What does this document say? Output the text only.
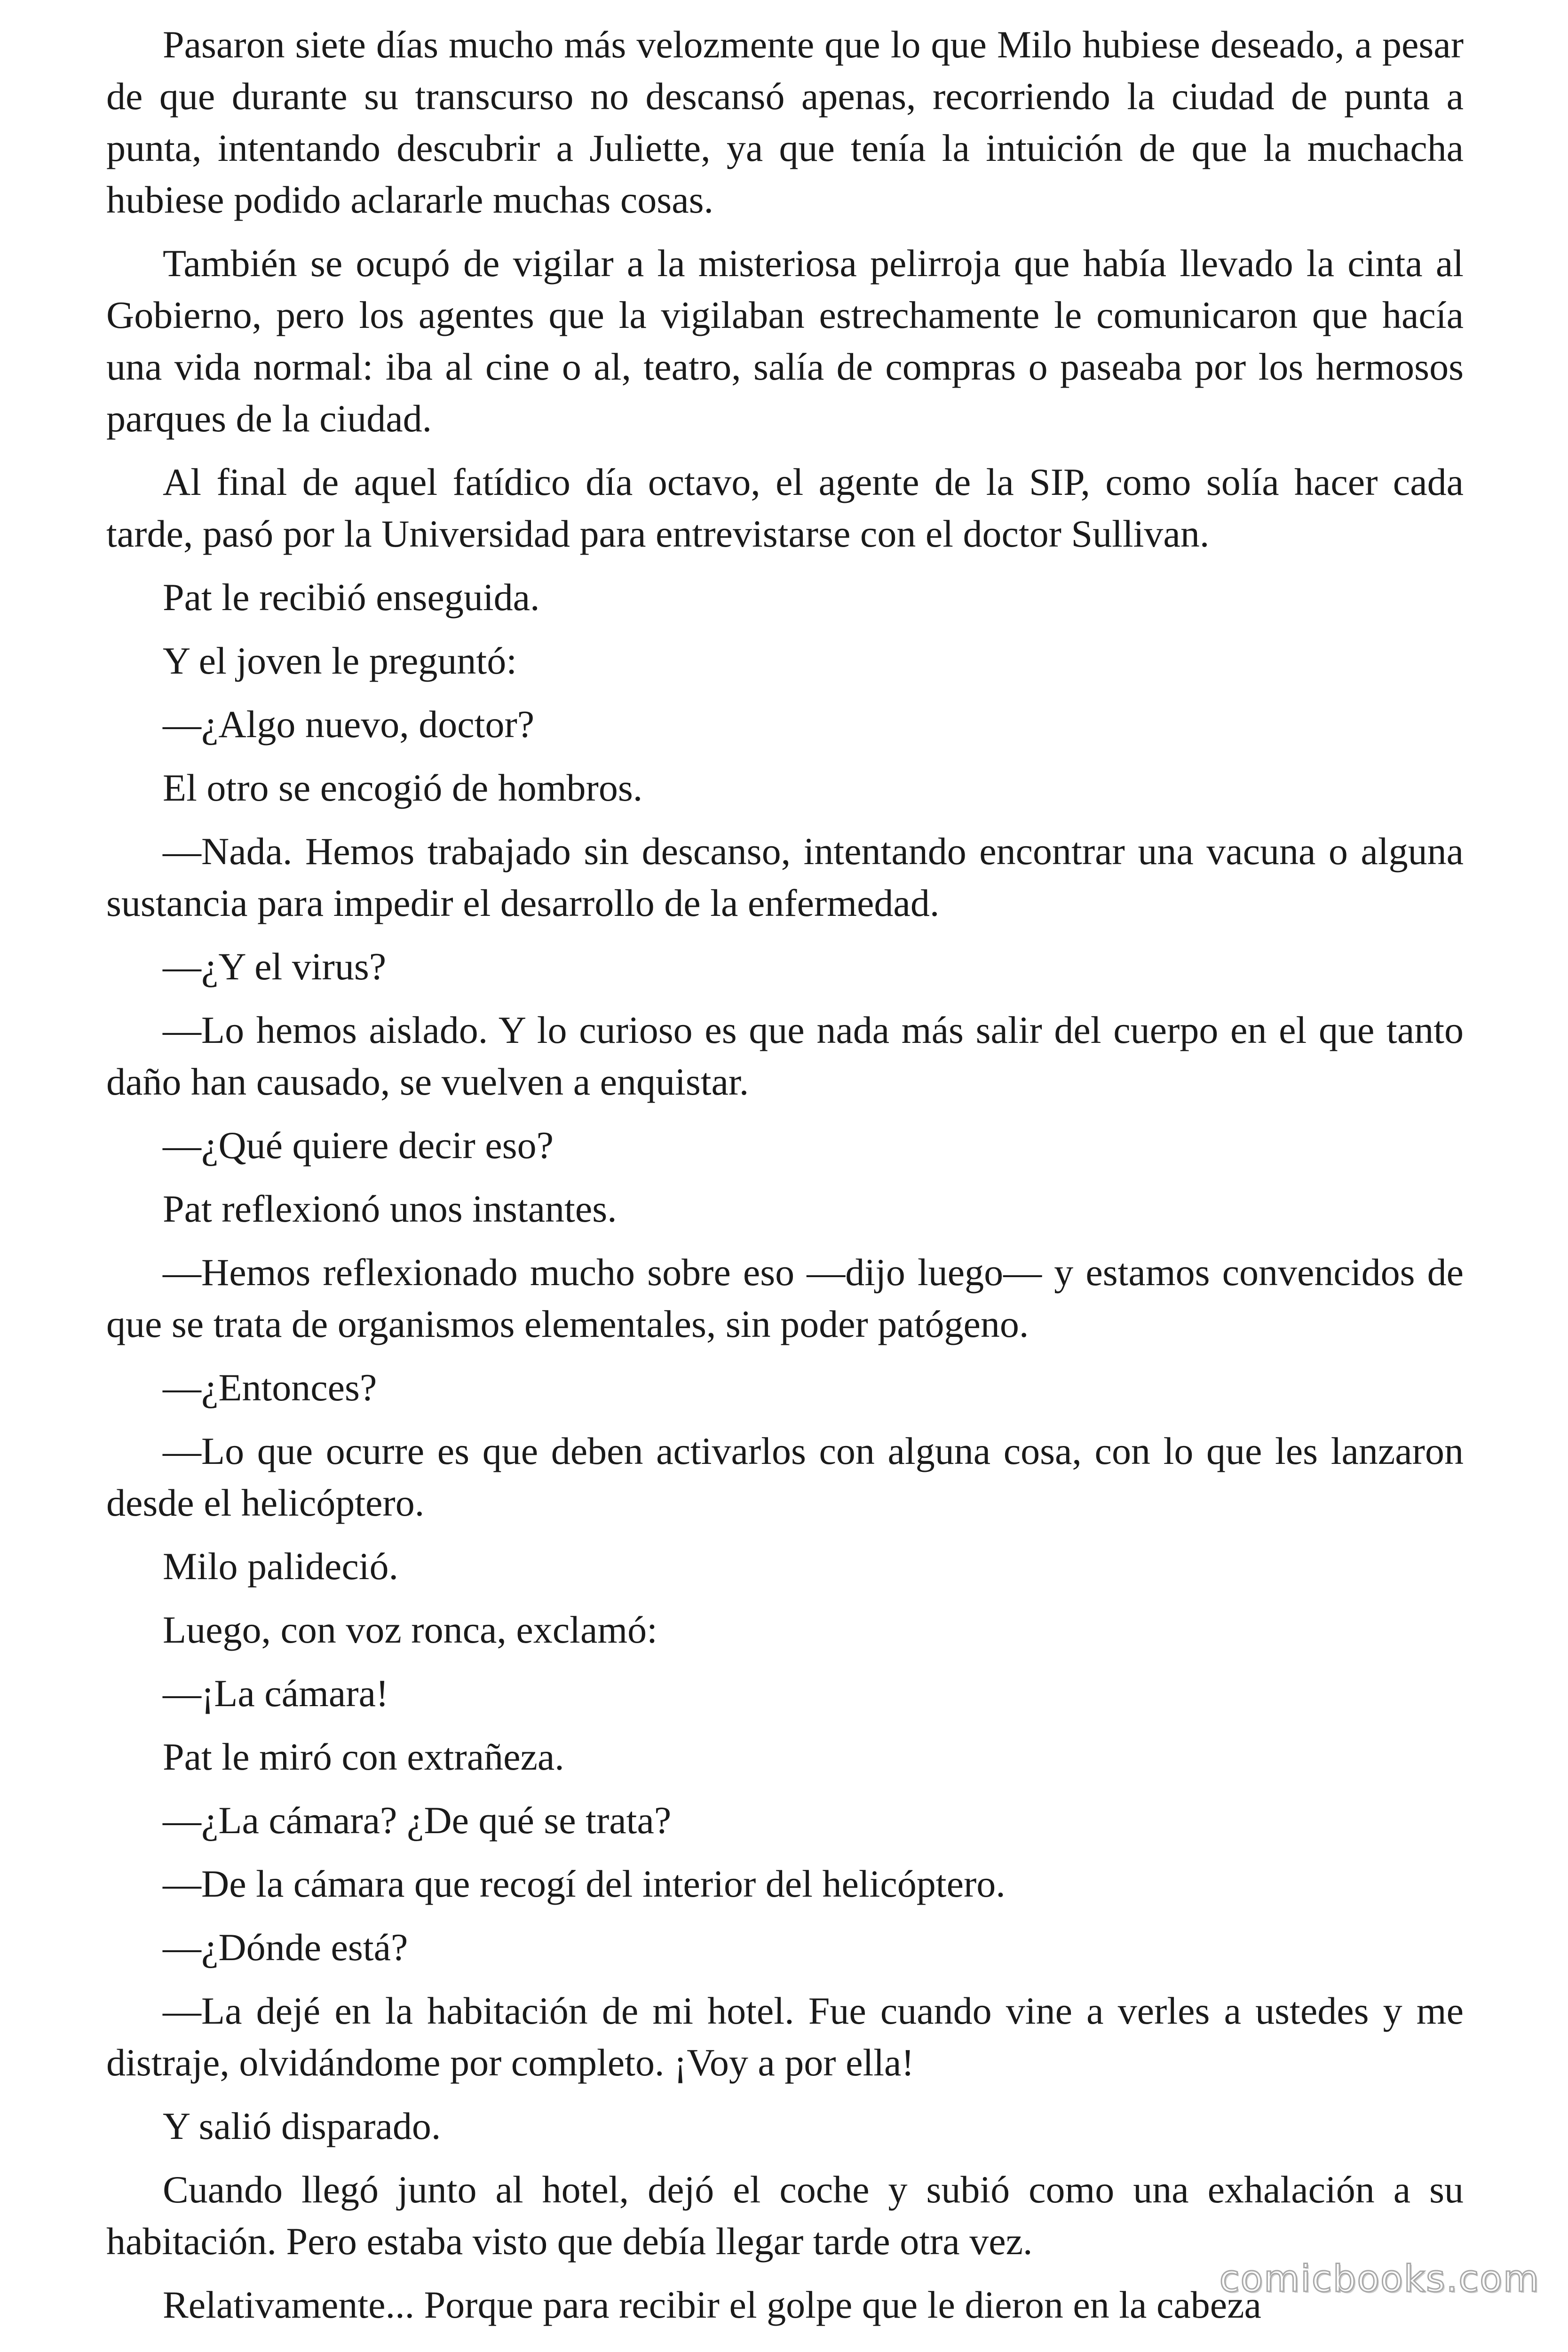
Pasaron siete días mucho más velozmente que lo que Milo hubiese deseado, a pesar de que durante su transcurso no descansó apenas, recorriendo la ciudad de punta a punta, intentando descubrir a Juliette, ya que tenía la intuición de que la muchacha hubiese podido aclararle muchas cosas.

También se ocupó de vigilar a la misteriosa pelirroja que había llevado la cinta al Gobierno, pero los agentes que la vigilaban estrechamente le comunicaron que hacía una vida normal: iba al cine o al, teatro, salía de compras o paseaba por los hermosos parques de la ciudad.

Al final de aquel fatídico día octavo, el agente de la SIP, como solía hacer cada tarde, pasó por la Universidad para entrevistarse con el doctor Sullivan.

Pat le recibió enseguida.

Y el joven le preguntó:

—¿Algo nuevo, doctor?

El otro se encogió de hombros.

—Nada. Hemos trabajado sin descanso, intentando encontrar una vacuna o alguna sustancia para impedir el desarrollo de la enfermedad.

—¿Y el virus?

—Lo hemos aislado. Y lo curioso es que nada más salir del cuerpo en el que tanto daño han causado, se vuelven a enquistar.

—¿Qué quiere decir eso?

Pat reflexionó unos instantes.

—Hemos reflexionado mucho sobre eso —dijo luego— y estamos convencidos de que se trata de organismos elementales, sin poder patógeno.

—¿Entonces?

—Lo que ocurre es que deben activarlos con alguna cosa, con lo que les lanzaron desde el helicóptero.

Milo palideció.

Luego, con voz ronca, exclamó:

—¡La cámara!

Pat le miró con extrañeza.

—¿La cámara? ¿De qué se trata?

—De la cámara que recogí del interior del helicóptero.

—¿Dónde está?

—La dejé en la habitación de mi hotel. Fue cuando vine a verles a ustedes y me distraje, olvidándome por completo. ¡Voy a por ella!

Y salió disparado.

Cuando llegó junto al hotel, dejó el coche y subió como una exhalación a su habitación. Pero estaba visto que debía llegar tarde otra vez.

Relativamente... Porque para recibir el golpe que le dieron en la cabeza

comicbooks.com
